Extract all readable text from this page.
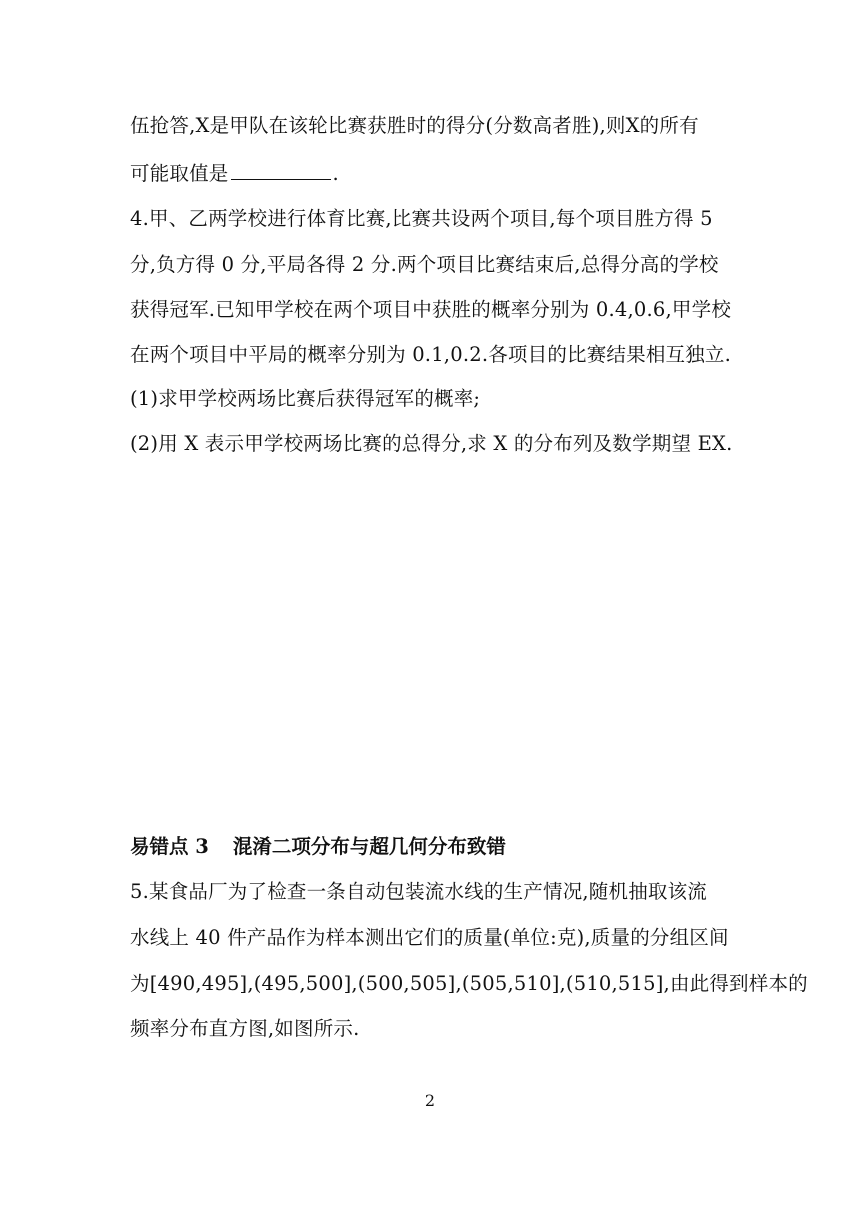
伍抢答,X是甲队在该轮比赛获胜时的得分(分数高者胜),则X的所有
可能取值是	.
4.甲、乙两学校进行体育比赛,比赛共设两个项目,每个项目胜方得 5
分,负方得 0 分,平局各得 2 分.两个项目比赛结束后,总得分高的学校
获得冠军.已知甲学校在两个项目中获胜的概率分别为 0.4,0.6,甲学校
在两个项目中平局的概率分别为 0.1,0.2.各项目的比赛结果相互独立.
(1)求甲学校两场比赛后获得冠军的概率;
(2)用 X 表示甲学校两场比赛的总得分,求 X 的分布列及数学期望 EX.
易错点 3 混淆二项分布与超几何分布致错
5.某食品厂为了检查一条自动包装流水线的生产情况,随机抽取该流
水线上 40 件产品作为样本测出它们的质量(单位:克),质量的分组区间
为[490,495],(495,500],(500,505],(505,510],(510,515],由此得到样本的
频率分布直方图,如图所示.
2
